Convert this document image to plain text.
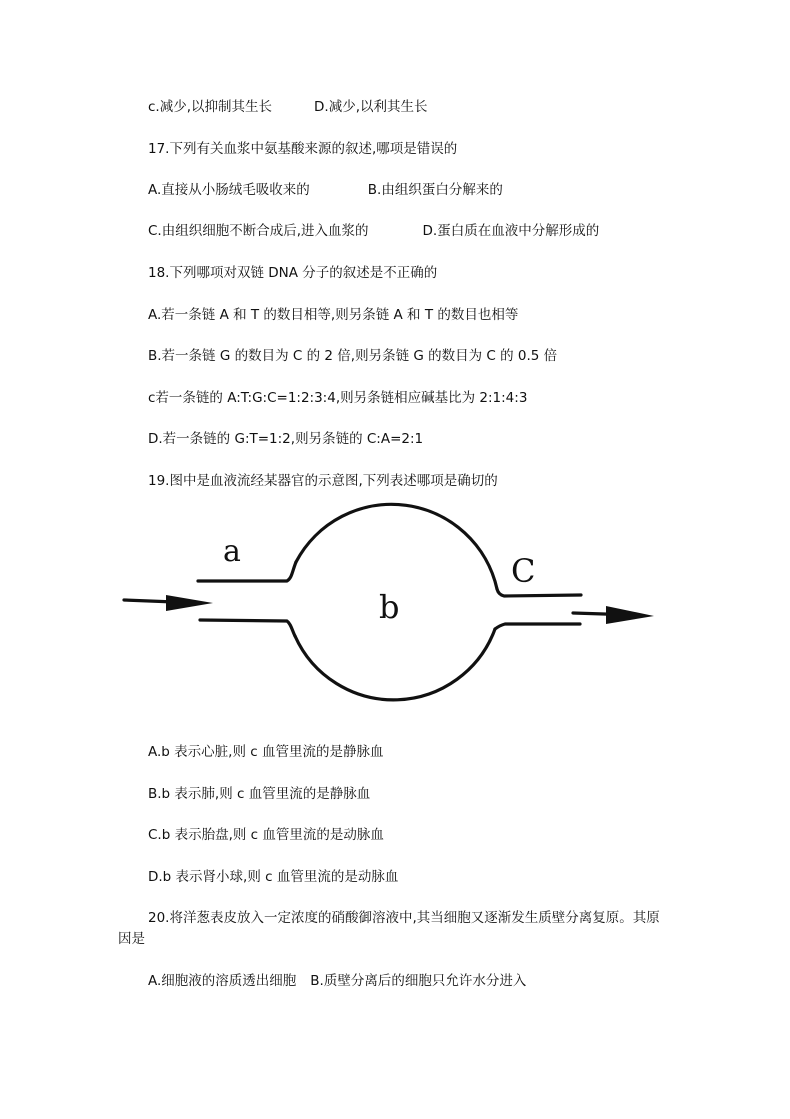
c.减少,以抑制其生长	D.减少,以利其生长
17.下列有关血浆中氨基酸来源的叙述,哪项是错误的
A.直接从小肠绒毛吸收来的	B.由组织蛋白分解来的
C.由组织细胞不断合成后,进入血浆的	D.蛋白质在血液中分解形成的
18.下列哪项对双链 DNA 分子的叙述是不正确的
A.若一条链 A 和 T 的数目相等,则另条链 A 和 T 的数目也相等
B.若一条链 G 的数目为 C 的 2 倍,则另条链 G 的数目为 C 的 0.5 倍
c若一条链的 A:T:G:C=1:2:3:4,则另条链相应碱基比为 2:1:4:3
D.若一条链的 G:T=1:2,则另条链的 C:A=2:1
19.图中是血液流经某器官的示意图,下列表述哪项是确切的
a
b
C
A.b 表示心脏,则 c 血管里流的是静脉血
B.b 表示肺,则 c 血管里流的是静脉血
C.b 表示胎盘,则 c 血管里流的是动脉血
D.b 表示肾小球,则 c 血管里流的是动脉血
20.将洋葱表皮放入一定浓度的硝酸御溶液中,其当细胞又逐渐发生质壁分离复原。其原
因是
A.细胞液的溶质透出细胞 B.质壁分离后的细胞只允许水分进入
